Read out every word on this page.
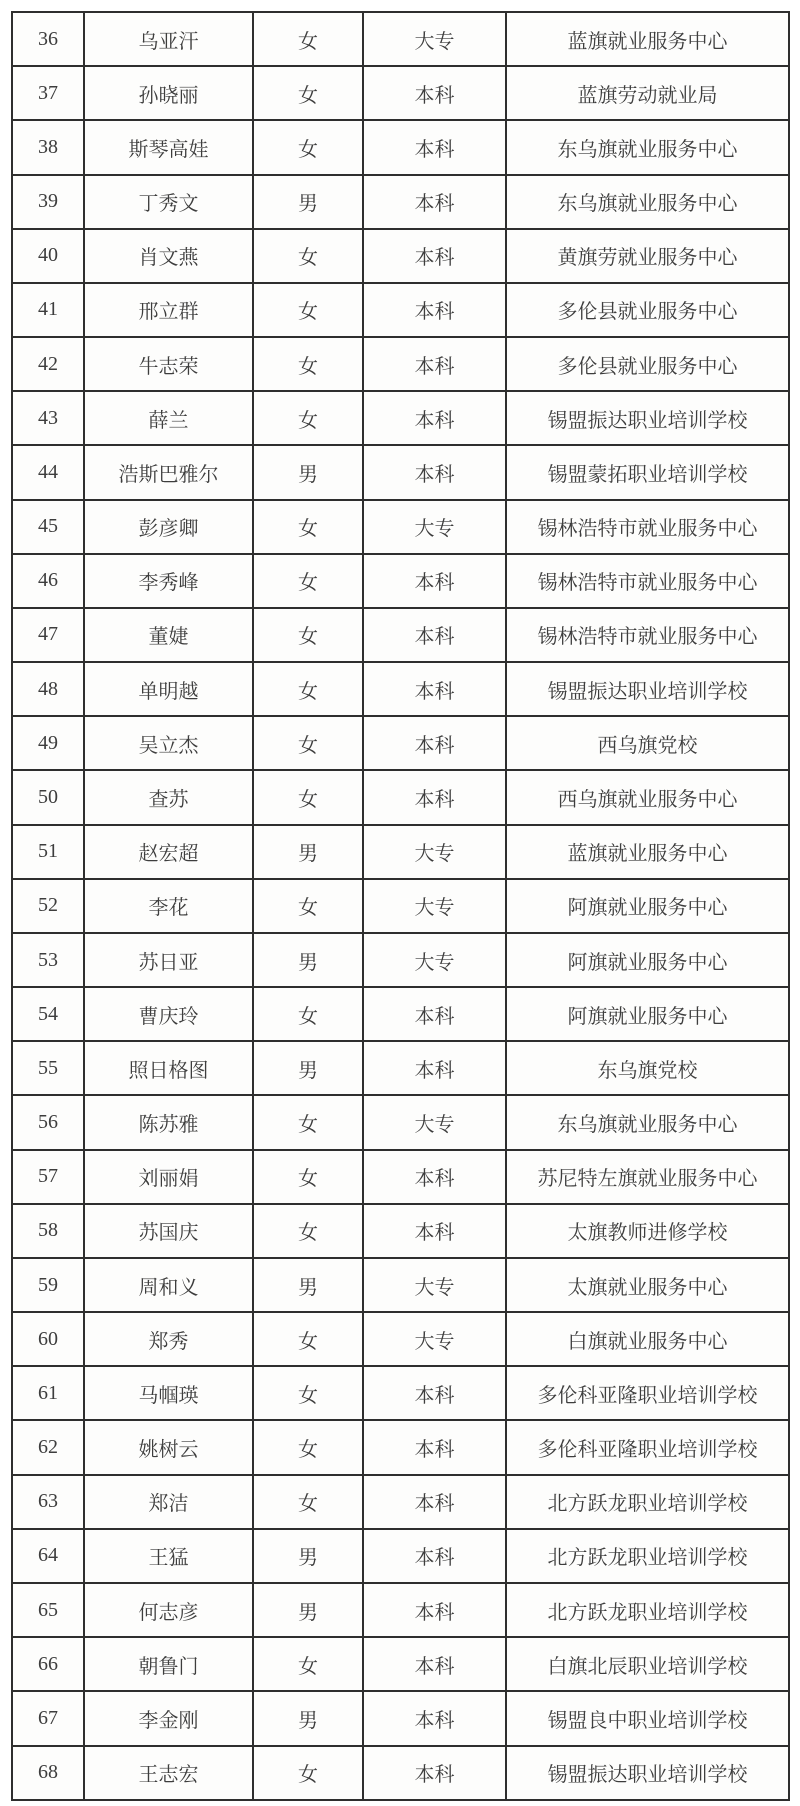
36	乌亚汗	女	大专	蓝旗就业服务中心
37	孙晓丽	女	本科	蓝旗劳动就业局
38	斯琴高娃	女	本科	东乌旗就业服务中心
39	丁秀文	男	本科	东乌旗就业服务中心
40	肖文燕	女	本科	黄旗劳就业服务中心
41	邢立群	女	本科	多伦县就业服务中心
42	牛志荣	女	本科	多伦县就业服务中心
43	薛兰	女	本科	锡盟振达职业培训学校
44	浩斯巴雅尔	男	本科	锡盟蒙拓职业培训学校
45	彭彦卿	女	大专	锡林浩特市就业服务中心
46	李秀峰	女	本科	锡林浩特市就业服务中心
47	董婕	女	本科	锡林浩特市就业服务中心
48	单明越	女	本科	锡盟振达职业培训学校
49	吴立杰	女	本科	西乌旗党校
50	查苏	女	本科	西乌旗就业服务中心
51	赵宏超	男	大专	蓝旗就业服务中心
52	李花	女	大专	阿旗就业服务中心
53	苏日亚	男	大专	阿旗就业服务中心
54	曹庆玲	女	本科	阿旗就业服务中心
55	照日格图	男	本科	东乌旗党校
56	陈苏雅	女	大专	东乌旗就业服务中心
57	刘丽娟	女	本科	苏尼特左旗就业服务中心
58	苏国庆	女	本科	太旗教师进修学校
59	周和义	男	大专	太旗就业服务中心
60	郑秀	女	大专	白旗就业服务中心
61	马帼瑛	女	本科	多伦科亚隆职业培训学校
62	姚树云	女	本科	多伦科亚隆职业培训学校
63	郑洁	女	本科	北方跃龙职业培训学校
64	王猛	男	本科	北方跃龙职业培训学校
65	何志彦	男	本科	北方跃龙职业培训学校
66	朝鲁门	女	本科	白旗北辰职业培训学校
67	李金刚	男	本科	锡盟良中职业培训学校
68	王志宏	女	本科	锡盟振达职业培训学校
